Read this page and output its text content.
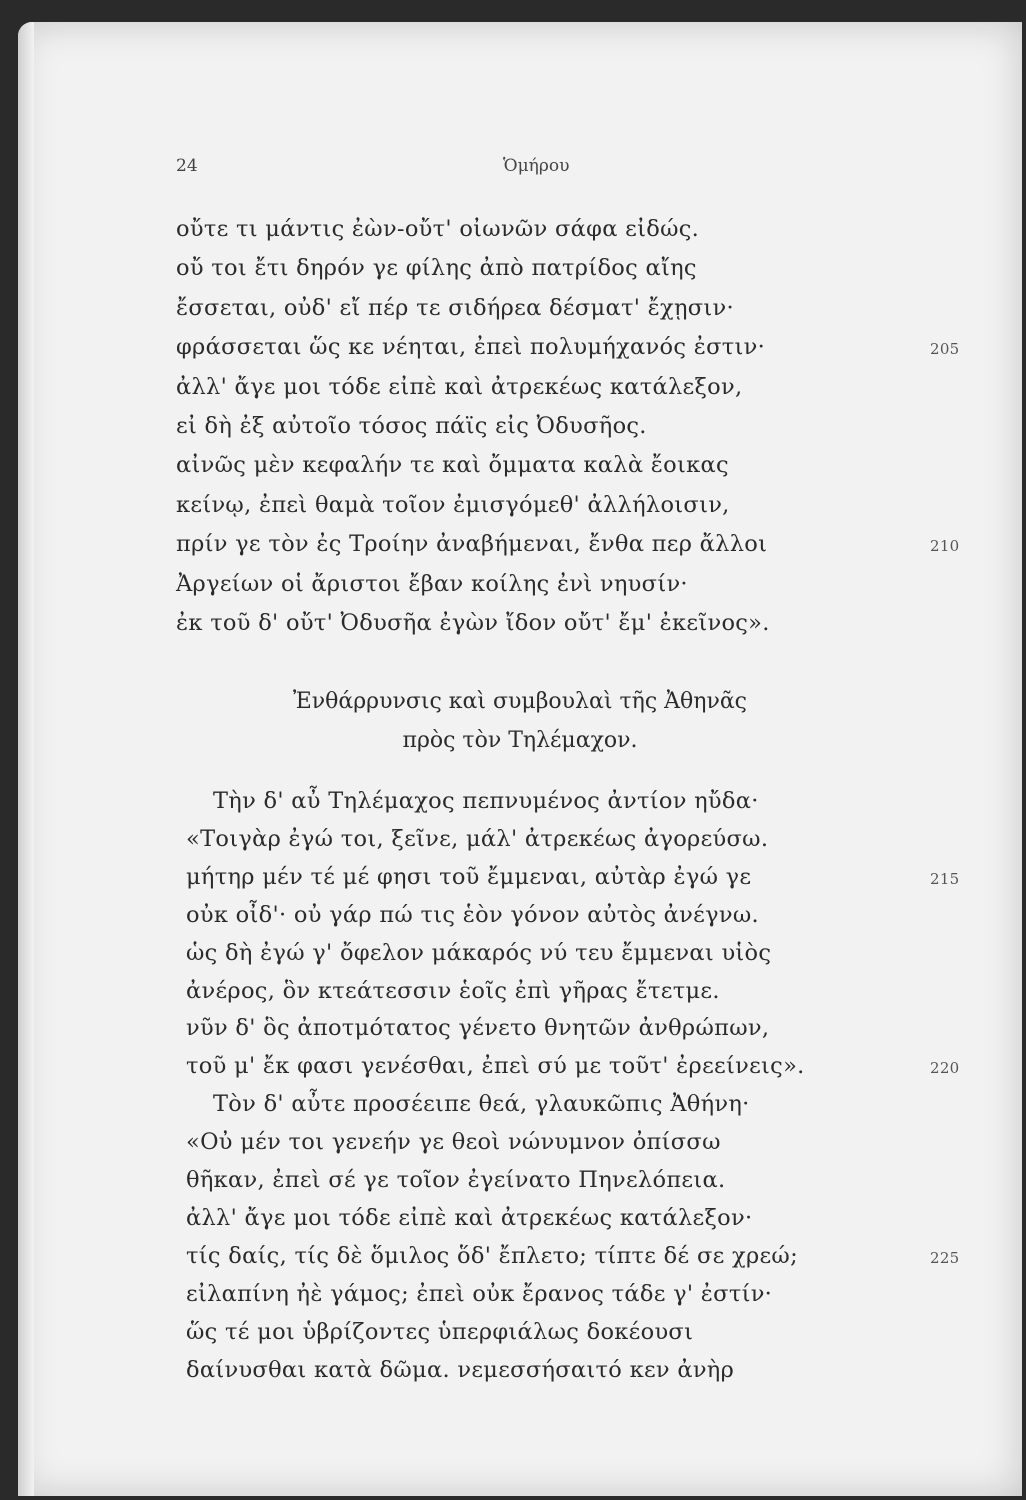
24	Ὁμήρου
οὔτε τι μάντις ἐὼν-οὔτ' οἰωνῶν σάφα εἰδώς.
οὔ τοι ἔτι δηρόν γε φίλης ἀπὸ πατρίδος αἴης
ἔσσεται, οὐδ' εἴ πέρ τε σιδήρεα δέσματ' ἔχῃσιν·
φράσσεται ὥς κε νέηται, ἐπεὶ πολυμήχανός ἐστιν·	205
ἀλλ' ἄγε μοι τόδε εἰπὲ καὶ ἀτρεκέως κατάλεξον,
εἰ δὴ ἐξ αὐτοῖο τόσος πάϊς εἰς Ὀδυσῆος.
αἰνῶς μὲν κεφαλήν τε καὶ ὄμματα καλὰ ἔοικας
κείνῳ, ἐπεὶ θαμὰ τοῖον ἐμισγόμεθ' ἀλλήλοισιν,
πρίν γε τὸν ἐς Τροίην ἀναβήμεναι, ἔνθα περ ἄλλοι	210
Ἀργείων οἱ ἄριστοι ἔβαν κοίλης ἐνὶ νηυσίν·
ἐκ τοῦ δ' οὔτ' Ὀδυσῆα ἐγὼν ἴδον οὔτ' ἔμ' ἐκεῖνος».
Ἐνθάρρυνσις καὶ συμβουλαὶ τῆς Ἀθηνᾶς
πρὸς τὸν Τηλέμαχον.
Τὴν δ' αὖ Τηλέμαχος πεπνυμένος ἀντίον ηὔδα·
«Τοιγὰρ ἐγώ τοι, ξεῖνε, μάλ' ἀτρεκέως ἀγορεύσω.
μήτηρ μέν τέ μέ φησι τοῦ ἔμμεναι, αὐτὰρ ἐγώ γε	215
οὐκ οἶδ'· οὐ γάρ πώ τις ἑὸν γόνον αὐτὸς ἀνέγνω.
ὡς δὴ ἐγώ γ' ὄφελον μάκαρός νύ τευ ἔμμεναι υἱὸς
ἀνέρος, ὃν κτεάτεσσιν ἑοῖς ἐπὶ γῆρας ἔτετμε.
νῦν δ' ὃς ἀποτμότατος γένετο θνητῶν ἀνθρώπων,
τοῦ μ' ἔκ φασι γενέσθαι, ἐπεὶ σύ με τοῦτ' ἐρεείνεις».	220
Τὸν δ' αὖτε προσέειπε θεά, γλαυκῶπις Ἀθήνη·
«Οὐ μέν τοι γενεήν γε θεοὶ νώνυμνον ὀπίσσω
θῆκαν, ἐπεὶ σέ γε τοῖον ἐγείνατο Πηνελόπεια.
ἀλλ' ἄγε μοι τόδε εἰπὲ καὶ ἀτρεκέως κατάλεξον·
τίς δαίς, τίς δὲ ὅμιλος ὅδ' ἔπλετο; τίπτε δέ σε χρεώ;	225
εἰλαπίνη ἠὲ γάμος; ἐπεὶ οὐκ ἔρανος τάδε γ' ἐστίν·
ὥς τέ μοι ὑβρίζοντες ὑπερφιάλως δοκέουσι
δαίνυσθαι κατὰ δῶμα. νεμεσσήσαιτό κεν ἀνὴρ
